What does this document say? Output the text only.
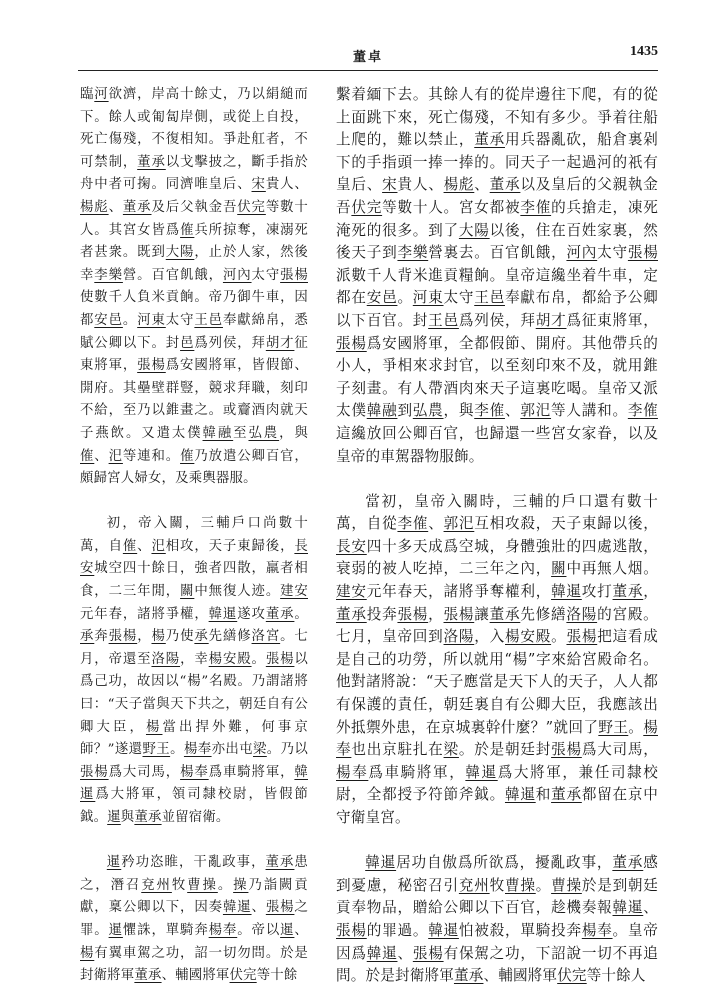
董卓	1435

臨河欲濟，岸高十餘丈，乃以絹縋而下。餘人或匍匐岸側，或從上自投，死亡傷殘，不復相知。爭赴舡者，不可禁制，董承以戈擊披之，斷手指於舟中者可掬。同濟唯皇后、宋貴人、楊彪、董承及后父執金吾伏完等數十人。其宮女皆爲傕兵所掠奪，凍溺死者甚衆。既到大陽，止於人家，然後幸李樂營。百官飢餓，河內太守張楊使數千人負米貢餉。帝乃御牛車，因都安邑。河東太守王邑奉獻綿帛，悉賦公卿以下。封邑爲列侯，拜胡才征東將軍，張楊爲安國將軍，皆假節、開府。其壘壁群豎，競求拜職，刻印不給，至乃以錐畫之。或齎酒肉就天子燕飲。又遣太僕韓融至弘農，與傕、汜等連和。傕乃放遣公卿百官，頗歸宮人婦女，及乘輿器服。

初，帝入關，三輔戶口尚數十萬，自傕、汜相攻，天子東歸後，長安城空四十餘日，強者四散，羸者相食，二三年閒，關中無復人迹。建安元年春，諸將爭權，韓暹遂攻董承。承奔張楊，楊乃使承先繕修洛宮。七月，帝還至洛陽，幸楊安殿。張楊以爲己功，故因以“楊”名殿。乃謂諸將曰：“天子當與天下共之，朝廷自有公卿大臣，楊當出捍外難，何事京師？”遂還野王。楊奉亦出屯梁。乃以張楊爲大司馬，楊奉爲車騎將軍，韓暹爲大將軍，領司隸校尉，皆假節鉞。暹與董承並留宿衛。

暹矜功恣睢，干亂政事，董承患之，潛召兗州牧曹操。操乃詣闕貢獻，稟公卿以下，因奏韓暹、張楊之罪。暹懼誅，單騎奔楊奉。帝以暹、楊有翼車駕之功，詔一切勿問。於是封衛將軍董承、輔國將軍伏完等十餘

繫着緬下去。其餘人有的從岸邊往下爬，有的從上面跳下來，死亡傷殘，不知有多少。爭着往船上爬的，難以禁止，董承用兵器亂砍，船倉裏剁下的手指頭一捧一捧的。同天子一起過河的祇有皇后、宋貴人、楊彪、董承以及皇后的父親執金吾伏完等數十人。宮女都被李傕的兵搶走，凍死淹死的很多。到了大陽以後，住在百姓家裏，然後天子到李樂營裏去。百官飢餓，河內太守張楊派數千人背米進貢糧餉。皇帝這纔坐着牛車，定都在安邑。河東太守王邑奉獻布帛，都給予公卿以下百官。封王邑爲列侯，拜胡才爲征東將軍，張楊爲安國將軍，全都假節、開府。其他帶兵的小人，爭相來求封官，以至刻印來不及，就用錐子刻畫。有人帶酒肉來天子這裏吃喝。皇帝又派太僕韓融到弘農，與李傕、郭汜等人講和。李傕這纔放回公卿百官，也歸還一些宮女家眷，以及皇帝的車駕器物服飾。

當初，皇帝入關時，三輔的戶口還有數十萬，自從李傕、郭汜互相攻殺，天子東歸以後，長安四十多天成爲空城，身體強壯的四處逃散，衰弱的被人吃掉，二三年之內，關中再無人烟。建安元年春天，諸將爭奪權利，韓暹攻打董承，董承投奔張楊，張楊讓董承先修繕洛陽的宮殿。七月，皇帝回到洛陽，入楊安殿。張楊把這看成是自己的功勞，所以就用“楊”字來給宮殿命名。他對諸將說：“天子應當是天下人的天子，人人都有保護的責任，朝廷裏自有公卿大臣，我應該出外抵禦外患，在京城裏幹什麼？”就回了野王。楊奉也出京駐扎在梁。於是朝廷封張楊爲大司馬，楊奉爲車騎將軍，韓暹爲大將軍，兼任司隸校尉，全都授予符節斧鉞。韓暹和董承都留在京中守衛皇宮。

韓暹居功自傲爲所欲爲，擾亂政事，董承感到憂慮，秘密召引兗州牧曹操。曹操於是到朝廷貢奉物品，贈給公卿以下百官，趁機奏報韓暹、張楊的罪過。韓暹怕被殺，單騎投奔楊奉。皇帝因爲韓暹、張楊有保駕之功，下詔說一切不再追問。於是封衛將軍董承、輔國將軍伏完等十餘人
